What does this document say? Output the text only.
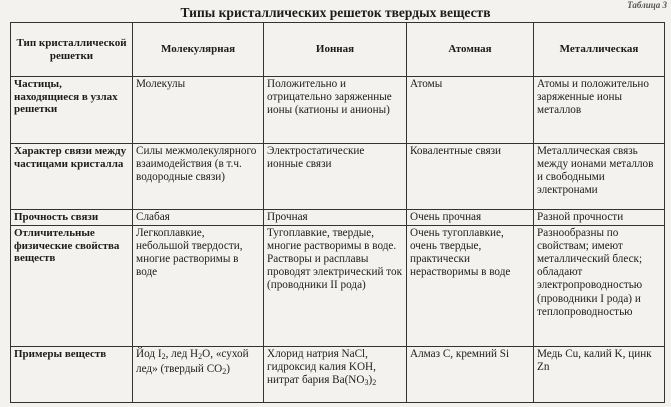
Таблица 3
Типы кристаллических решеток твердых веществ
Тип кристаллической решетки	Молекулярная	Ионная	Атомная	Металлическая
Частицы, находящиеся в узлах решетки	Молекулы	Положительно и отрицательно заряженные ионы (катионы и анионы)	Атомы	Атомы и положительно заряженные ионы металлов
Характер связи между частицами кристалла	Силы межмолекулярного взаимодействия (в т.ч. водородные связи)	Электростатические ионные связи	Ковалентные связи	Металлическая связь между ионами металлов и свободными электронами
Прочность связи	Слабая	Прочная	Очень прочная	Разной прочности
Отличительные физические свойства веществ	Легкоплавкие, небольшой твердости, многие растворимы в воде	Тугоплавкие, твердые, многие растворимы в воде. Растворы и расплавы проводят электрический ток (проводники II рода)	Очень тугоплавкие, очень твердые, практически нерастворимы в воде	Разнообразны по свойствам; имеют металлический блеск; обладают электропроводностью (проводники I рода) и теплопроводностью
Примеры веществ	Йод $I_2$, лед $H_2O$, «сухой лед» (твердый $CO_2$)	Хлорид натрия NaCl,
гидроксид калия KOH,
нитрат бария $Ba(NO_3)_2$	Алмаз C, кремний Si	Медь Cu, калий K, цинк Zn
